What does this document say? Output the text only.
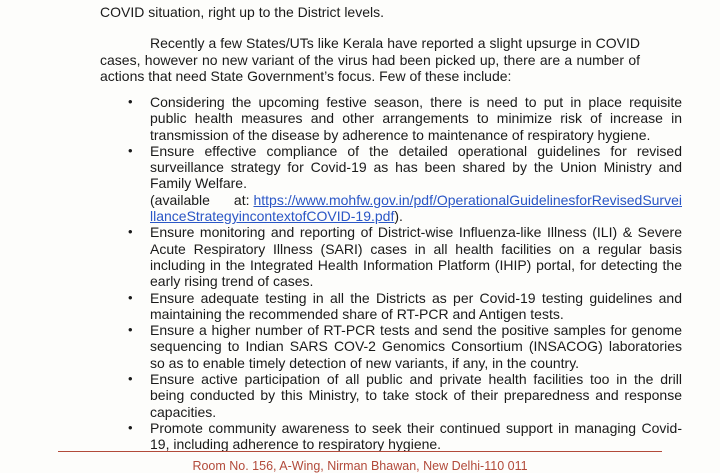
COVID situation, right up to the District levels.

Recently a few States/UTs like Kerala have reported a slight upsurge in COVID cases, however no new variant of the virus had been picked up, there are a number of actions that need State Government’s focus. Few of these include:

• Considering the upcoming festive season, there is need to put in place requisite public health measures and other arrangements to minimize risk of increase in transmission of the disease by adherence to maintenance of respiratory hygiene.
• Ensure effective compliance of the detailed operational guidelines for revised surveillance strategy for Covid-19 as has been shared by the Union Ministry and Family Welfare.
(available      at: https://www.mohfw.gov.in/pdf/OperationalGuidelinesforRevisedSurveillanceStrategyincontextofCOVID-19.pdf).
• Ensure monitoring and reporting of District-wise Influenza-like Illness (ILI) & Severe Acute Respiratory Illness (SARI) cases in all health facilities on a regular basis including in the Integrated Health Information Platform (IHIP) portal, for detecting the early rising trend of cases.
• Ensure adequate testing in all the Districts as per Covid-19 testing guidelines and maintaining the recommended share of RT-PCR and Antigen tests.
• Ensure a higher number of RT-PCR tests and send the positive samples for genome sequencing to Indian SARS COV-2 Genomics Consortium (INSACOG) laboratories so as to enable timely detection of new variants, if any, in the country.
• Ensure active participation of all public and private health facilities too in the drill being conducted by this Ministry, to take stock of their preparedness and response capacities.
• Promote community awareness to seek their continued support in managing Covid-19, including adherence to respiratory hygiene.
Room No. 156, A-Wing, Nirman Bhawan, New Delhi-110 011
